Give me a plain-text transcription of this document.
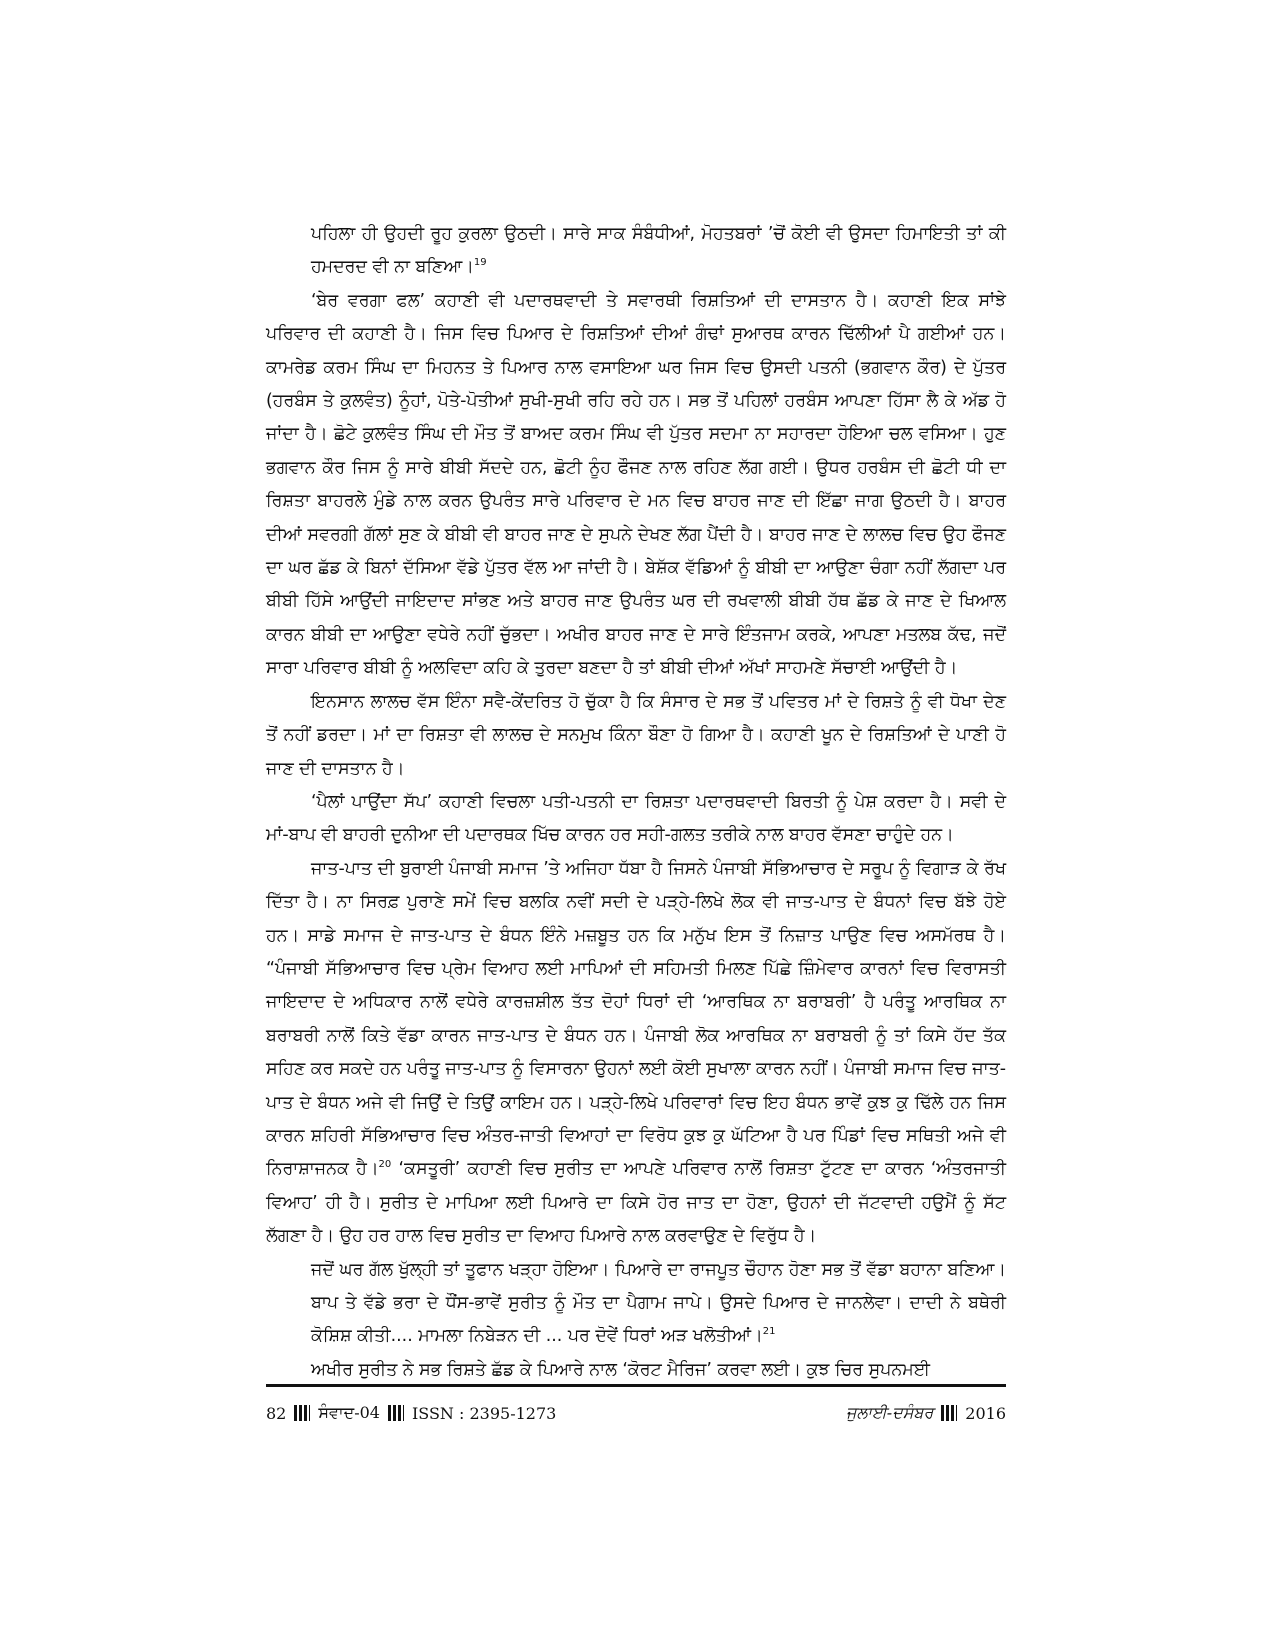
ਪਹਿਲਾ ਹੀ ਉਹਦੀ ਰੂਹ ਕੁਰਲਾ ਉਠਦੀ। ਸਾਰੇ ਸਾਕ ਸੰਬੰਧੀਆਂ, ਮੋਹਤਬਰਾਂ ’ਚੋਂ ਕੋਈ ਵੀ ਉਸਦਾ ਹਿਮਾਇਤੀ ਤਾਂ ਕੀ ਹਮਦਰਦ ਵੀ ਨਾ ਬਣਿਆ।$^{19}$

‘ਬੇਰ ਵਰਗਾ ਫਲ’ ਕਹਾਣੀ ਵੀ ਪਦਾਰਥਵਾਦੀ ਤੇ ਸਵਾਰਥੀ ਰਿਸ਼ਤਿਆਂ ਦੀ ਦਾਸਤਾਨ ਹੈ। ਕਹਾਣੀ ਇਕ ਸਾਂਝੇ ਪਰਿਵਾਰ ਦੀ ਕਹਾਣੀ ਹੈ। ਜਿਸ ਵਿਚ ਪਿਆਰ ਦੇ ਰਿਸ਼ਤਿਆਂ ਦੀਆਂ ਗੰਢਾਂ ਸੁਆਰਥ ਕਾਰਨ ਢਿੱਲੀਆਂ ਪੈ ਗਈਆਂ ਹਨ। ਕਾਮਰੇਡ ਕਰਮ ਸਿੰਘ ਦਾ ਮਿਹਨਤ ਤੇ ਪਿਆਰ ਨਾਲ ਵਸਾਇਆ ਘਰ ਜਿਸ ਵਿਚ ਉਸਦੀ ਪਤਨੀ (ਭਗਵਾਨ ਕੌਰ) ਦੇ ਪੁੱਤਰ (ਹਰਬੰਸ ਤੇ ਕੁਲਵੰਤ) ਨੂੰਹਾਂ, ਪੋਤੇ-ਪੋਤੀਆਂ ਸੁਖੀ-ਸੁਖੀ ਰਹਿ ਰਹੇ ਹਨ। ਸਭ ਤੋਂ ਪਹਿਲਾਂ ਹਰਬੰਸ ਆਪਣਾ ਹਿੱਸਾ ਲੈ ਕੇ ਅੱਡ ਹੋ ਜਾਂਦਾ ਹੈ। ਛੋਟੇ ਕੁਲਵੰਤ ਸਿੰਘ ਦੀ ਮੌਤ ਤੋਂ ਬਾਅਦ ਕਰਮ ਸਿੰਘ ਵੀ ਪੁੱਤਰ ਸਦਮਾ ਨਾ ਸਹਾਰਦਾ ਹੋਇਆ ਚਲ ਵਸਿਆ। ਹੁਣ ਭਗਵਾਨ ਕੌਰ ਜਿਸ ਨੂੰ ਸਾਰੇ ਬੀਬੀ ਸੱਦਦੇ ਹਨ, ਛੋਟੀ ਨੂੰਹ ਫੌਜਣ ਨਾਲ ਰਹਿਣ ਲੱਗ ਗਈ। ਉਧਰ ਹਰਬੰਸ ਦੀ ਛੋਟੀ ਧੀ ਦਾ ਰਿਸ਼ਤਾ ਬਾਹਰਲੇ ਮੁੰਡੇ ਨਾਲ ਕਰਨ ਉਪਰੰਤ ਸਾਰੇ ਪਰਿਵਾਰ ਦੇ ਮਨ ਵਿਚ ਬਾਹਰ ਜਾਣ ਦੀ ਇੱਛਾ ਜਾਗ ਉਠਦੀ ਹੈ। ਬਾਹਰ ਦੀਆਂ ਸਵਰਗੀ ਗੱਲਾਂ ਸੁਣ ਕੇ ਬੀਬੀ ਵੀ ਬਾਹਰ ਜਾਣ ਦੇ ਸੁਪਨੇ ਦੇਖਣ ਲੱਗ ਪੈਂਦੀ ਹੈ। ਬਾਹਰ ਜਾਣ ਦੇ ਲਾਲਚ ਵਿਚ ਉਹ ਫੌਜਣ ਦਾ ਘਰ ਛੱਡ ਕੇ ਬਿਨਾਂ ਦੱਸਿਆ ਵੱਡੇ ਪੁੱਤਰ ਵੱਲ ਆ ਜਾਂਦੀ ਹੈ। ਬੇਸ਼ੱਕ ਵੱਡਿਆਂ ਨੂੰ ਬੀਬੀ ਦਾ ਆਉਣਾ ਚੰਗਾ ਨਹੀਂ ਲੱਗਦਾ ਪਰ ਬੀਬੀ ਹਿੱਸੇ ਆਉਂਦੀ ਜਾਇਦਾਦ ਸਾਂਭਣ ਅਤੇ ਬਾਹਰ ਜਾਣ ਉਪਰੰਤ ਘਰ ਦੀ ਰਖਵਾਲੀ ਬੀਬੀ ਹੱਥ ਛੱਡ ਕੇ ਜਾਣ ਦੇ ਖਿਆਲ ਕਾਰਨ ਬੀਬੀ ਦਾ ਆਉਣਾ ਵਧੇਰੇ ਨਹੀਂ ਚੁੱਭਦਾ। ਅਖੀਰ ਬਾਹਰ ਜਾਣ ਦੇ ਸਾਰੇ ਇੰਤਜਾਮ ਕਰਕੇ, ਆਪਣਾ ਮਤਲਬ ਕੱਢ, ਜਦੋਂ ਸਾਰਾ ਪਰਿਵਾਰ ਬੀਬੀ ਨੂੰ ਅਲਵਿਦਾ ਕਹਿ ਕੇ ਤੁਰਦਾ ਬਣਦਾ ਹੈ ਤਾਂ ਬੀਬੀ ਦੀਆਂ ਅੱਖਾਂ ਸਾਹਮਣੇ ਸੱਚਾਈ ਆਉਂਦੀ ਹੈ।

ਇਨਸਾਨ ਲਾਲਚ ਵੱਸ ਇੰਨਾ ਸਵੈ-ਕੇਂਦਰਿਤ ਹੋ ਚੁੱਕਾ ਹੈ ਕਿ ਸੰਸਾਰ ਦੇ ਸਭ ਤੋਂ ਪਵਿਤਰ ਮਾਂ ਦੇ ਰਿਸ਼ਤੇ ਨੂੰ ਵੀ ਧੋਖਾ ਦੇਣ ਤੋਂ ਨਹੀਂ ਡਰਦਾ। ਮਾਂ ਦਾ ਰਿਸ਼ਤਾ ਵੀ ਲਾਲਚ ਦੇ ਸਨਮੁਖ ਕਿੰਨਾ ਬੌਣਾ ਹੋ ਗਿਆ ਹੈ। ਕਹਾਣੀ ਖੂਨ ਦੇ ਰਿਸ਼ਤਿਆਂ ਦੇ ਪਾਣੀ ਹੋ ਜਾਣ ਦੀ ਦਾਸਤਾਨ ਹੈ।

‘ਪੈਲਾਂ ਪਾਉਂਦਾ ਸੱਪ’ ਕਹਾਣੀ ਵਿਚਲਾ ਪਤੀ-ਪਤਨੀ ਦਾ ਰਿਸ਼ਤਾ ਪਦਾਰਥਵਾਦੀ ਬਿਰਤੀ ਨੂੰ ਪੇਸ਼ ਕਰਦਾ ਹੈ। ਸਵੀ ਦੇ ਮਾਂ-ਬਾਪ ਵੀ ਬਾਹਰੀ ਦੁਨੀਆ ਦੀ ਪਦਾਰਥਕ ਖਿੱਚ ਕਾਰਨ ਹਰ ਸਹੀ-ਗਲਤ ਤਰੀਕੇ ਨਾਲ ਬਾਹਰ ਵੱਸਣਾ ਚਾਹੁੰਦੇ ਹਨ।

ਜਾਤ-ਪਾਤ ਦੀ ਬੁਰਾਈ ਪੰਜਾਬੀ ਸਮਾਜ ’ਤੇ ਅਜਿਹਾ ਧੱਬਾ ਹੈ ਜਿਸਨੇ ਪੰਜਾਬੀ ਸੱਭਿਆਚਾਰ ਦੇ ਸਰੂਪ ਨੂੰ ਵਿਗਾੜ ਕੇ ਰੱਖ ਦਿੱਤਾ ਹੈ। ਨਾ ਸਿਰਫ਼ ਪੁਰਾਣੇ ਸਮੇਂ ਵਿਚ ਬਲਕਿ ਨਵੀਂ ਸਦੀ ਦੇ ਪੜ੍ਹੇ-ਲਿਖੇ ਲੋਕ ਵੀ ਜਾਤ-ਪਾਤ ਦੇ ਬੰਧਨਾਂ ਵਿਚ ਬੱਝੇ ਹੋਏ ਹਨ। ਸਾਡੇ ਸਮਾਜ ਦੇ ਜਾਤ-ਪਾਤ ਦੇ ਬੰਧਨ ਇੰਨੇ ਮਜ਼ਬੂਤ ਹਨ ਕਿ ਮਨੁੱਖ ਇਸ ਤੋਂ ਨਿਜ਼ਾਤ ਪਾਉਣ ਵਿਚ ਅਸਮੱਰਥ ਹੈ। “ਪੰਜਾਬੀ ਸੱਭਿਆਚਾਰ ਵਿਚ ਪ੍ਰੇਮ ਵਿਆਹ ਲਈ ਮਾਪਿਆਂ ਦੀ ਸਹਿਮਤੀ ਮਿਲਣ ਪਿੱਛੇ ਜ਼ਿੰਮੇਵਾਰ ਕਾਰਨਾਂ ਵਿਚ ਵਿਰਾਸਤੀ ਜਾਇਦਾਦ ਦੇ ਅਧਿਕਾਰ ਨਾਲੋਂ ਵਧੇਰੇ ਕਾਰਜ਼ਸ਼ੀਲ ਤੱਤ ਦੋਹਾਂ ਧਿਰਾਂ ਦੀ ‘ਆਰਥਿਕ ਨਾ ਬਰਾਬਰੀ’ ਹੈ ਪਰੰਤੂ ਆਰਥਿਕ ਨਾ ਬਰਾਬਰੀ ਨਾਲੋਂ ਕਿਤੇ ਵੱਡਾ ਕਾਰਨ ਜਾਤ-ਪਾਤ ਦੇ ਬੰਧਨ ਹਨ। ਪੰਜਾਬੀ ਲੋਕ ਆਰਥਿਕ ਨਾ ਬਰਾਬਰੀ ਨੂੰ ਤਾਂ ਕਿਸੇ ਹੱਦ ਤੱਕ ਸਹਿਣ ਕਰ ਸਕਦੇ ਹਨ ਪਰੰਤੂ ਜਾਤ-ਪਾਤ ਨੂੰ ਵਿਸਾਰਨਾ ਉਹਨਾਂ ਲਈ ਕੋਈ ਸੁਖਾਲਾ ਕਾਰਨ ਨਹੀਂ। ਪੰਜਾਬੀ ਸਮਾਜ ਵਿਚ ਜਾਤ-ਪਾਤ ਦੇ ਬੰਧਨ ਅਜੇ ਵੀ ਜਿਉਂ ਦੇ ਤਿਉਂ ਕਾਇਮ ਹਨ। ਪੜ੍ਹੇ-ਲਿਖੇ ਪਰਿਵਾਰਾਂ ਵਿਚ ਇਹ ਬੰਧਨ ਭਾਵੇਂ ਕੁਝ ਕੁ ਢਿੱਲੇ ਹਨ ਜਿਸ ਕਾਰਨ ਸ਼ਹਿਰੀ ਸੱਭਿਆਚਾਰ ਵਿਚ ਅੰਤਰ-ਜਾਤੀ ਵਿਆਹਾਂ ਦਾ ਵਿਰੋਧ ਕੁਝ ਕੁ ਘੱਟਿਆ ਹੈ ਪਰ ਪਿੰਡਾਂ ਵਿਚ ਸਥਿਤੀ ਅਜੇ ਵੀ ਨਿਰਾਸ਼ਾਜਨਕ ਹੈ।$^{20}$ ‘ਕਸਤੂਰੀ’ ਕਹਾਣੀ ਵਿਚ ਸੁਰੀਤ ਦਾ ਆਪਣੇ ਪਰਿਵਾਰ ਨਾਲੋਂ ਰਿਸ਼ਤਾ ਟੁੱਟਣ ਦਾ ਕਾਰਨ ‘ਅੰਤਰਜਾਤੀ ਵਿਆਹ’ ਹੀ ਹੈ। ਸੁਰੀਤ ਦੇ ਮਾਪਿਆ ਲਈ ਪਿਆਰੇ ਦਾ ਕਿਸੇ ਹੋਰ ਜਾਤ ਦਾ ਹੋਣਾ, ਉਹਨਾਂ ਦੀ ਜੱਟਵਾਦੀ ਹਉਮੈਂ ਨੂੰ ਸੱਟ ਲੱਗਣਾ ਹੈ। ਉਹ ਹਰ ਹਾਲ ਵਿਚ ਸੁਰੀਤ ਦਾ ਵਿਆਹ ਪਿਆਰੇ ਨਾਲ ਕਰਵਾਉਣ ਦੇ ਵਿਰੁੱਧ ਹੈ।

ਜਦੋਂ ਘਰ ਗੱਲ ਖੁੱਲ੍ਹੀ ਤਾਂ ਤੂਫਾਨ ਖੜ੍ਹਾ ਹੋਇਆ। ਪਿਆਰੇ ਦਾ ਰਾਜਪੂਤ ਚੌਹਾਨ ਹੋਣਾ ਸਭ ਤੋਂ ਵੱਡਾ ਬਹਾਨਾ ਬਣਿਆ। ਬਾਪ ਤੇ ਵੱਡੇ ਭਰਾ ਦੇ ਧੌਂਸ-ਭਾਵੇਂ ਸੁਰੀਤ ਨੂੰ ਮੌਤ ਦਾ ਪੈਗਾਮ ਜਾਪੇ। ਉਸਦੇ ਪਿਆਰ ਦੇ ਜਾਨਲੇਵਾ। ਦਾਦੀ ਨੇ ਬਥੇਰੀ ਕੋਸ਼ਿਸ਼ ਕੀਤੀ.... ਮਾਮਲਾ ਨਿਬੇੜਨ ਦੀ ... ਪਰ ਦੋਵੇਂ ਧਿਰਾਂ ਅੜ ਖਲੋਤੀਆਂ।$^{21}$

ਅਖੀਰ ਸੁਰੀਤ ਨੇ ਸਭ ਰਿਸ਼ਤੇ ਛੱਡ ਕੇ ਪਿਆਰੇ ਨਾਲ ‘ਕੋਰਟ ਮੈਰਿਜ’ ਕਰਵਾ ਲਈ। ਕੁਝ ਚਿਰ ਸੁਪਨਮਈ

82 ਸੰਵਾਦ-04 ISSN : 2395-1273	ਜੁਲਾਈ-ਦਸੰਬਰ 2016
